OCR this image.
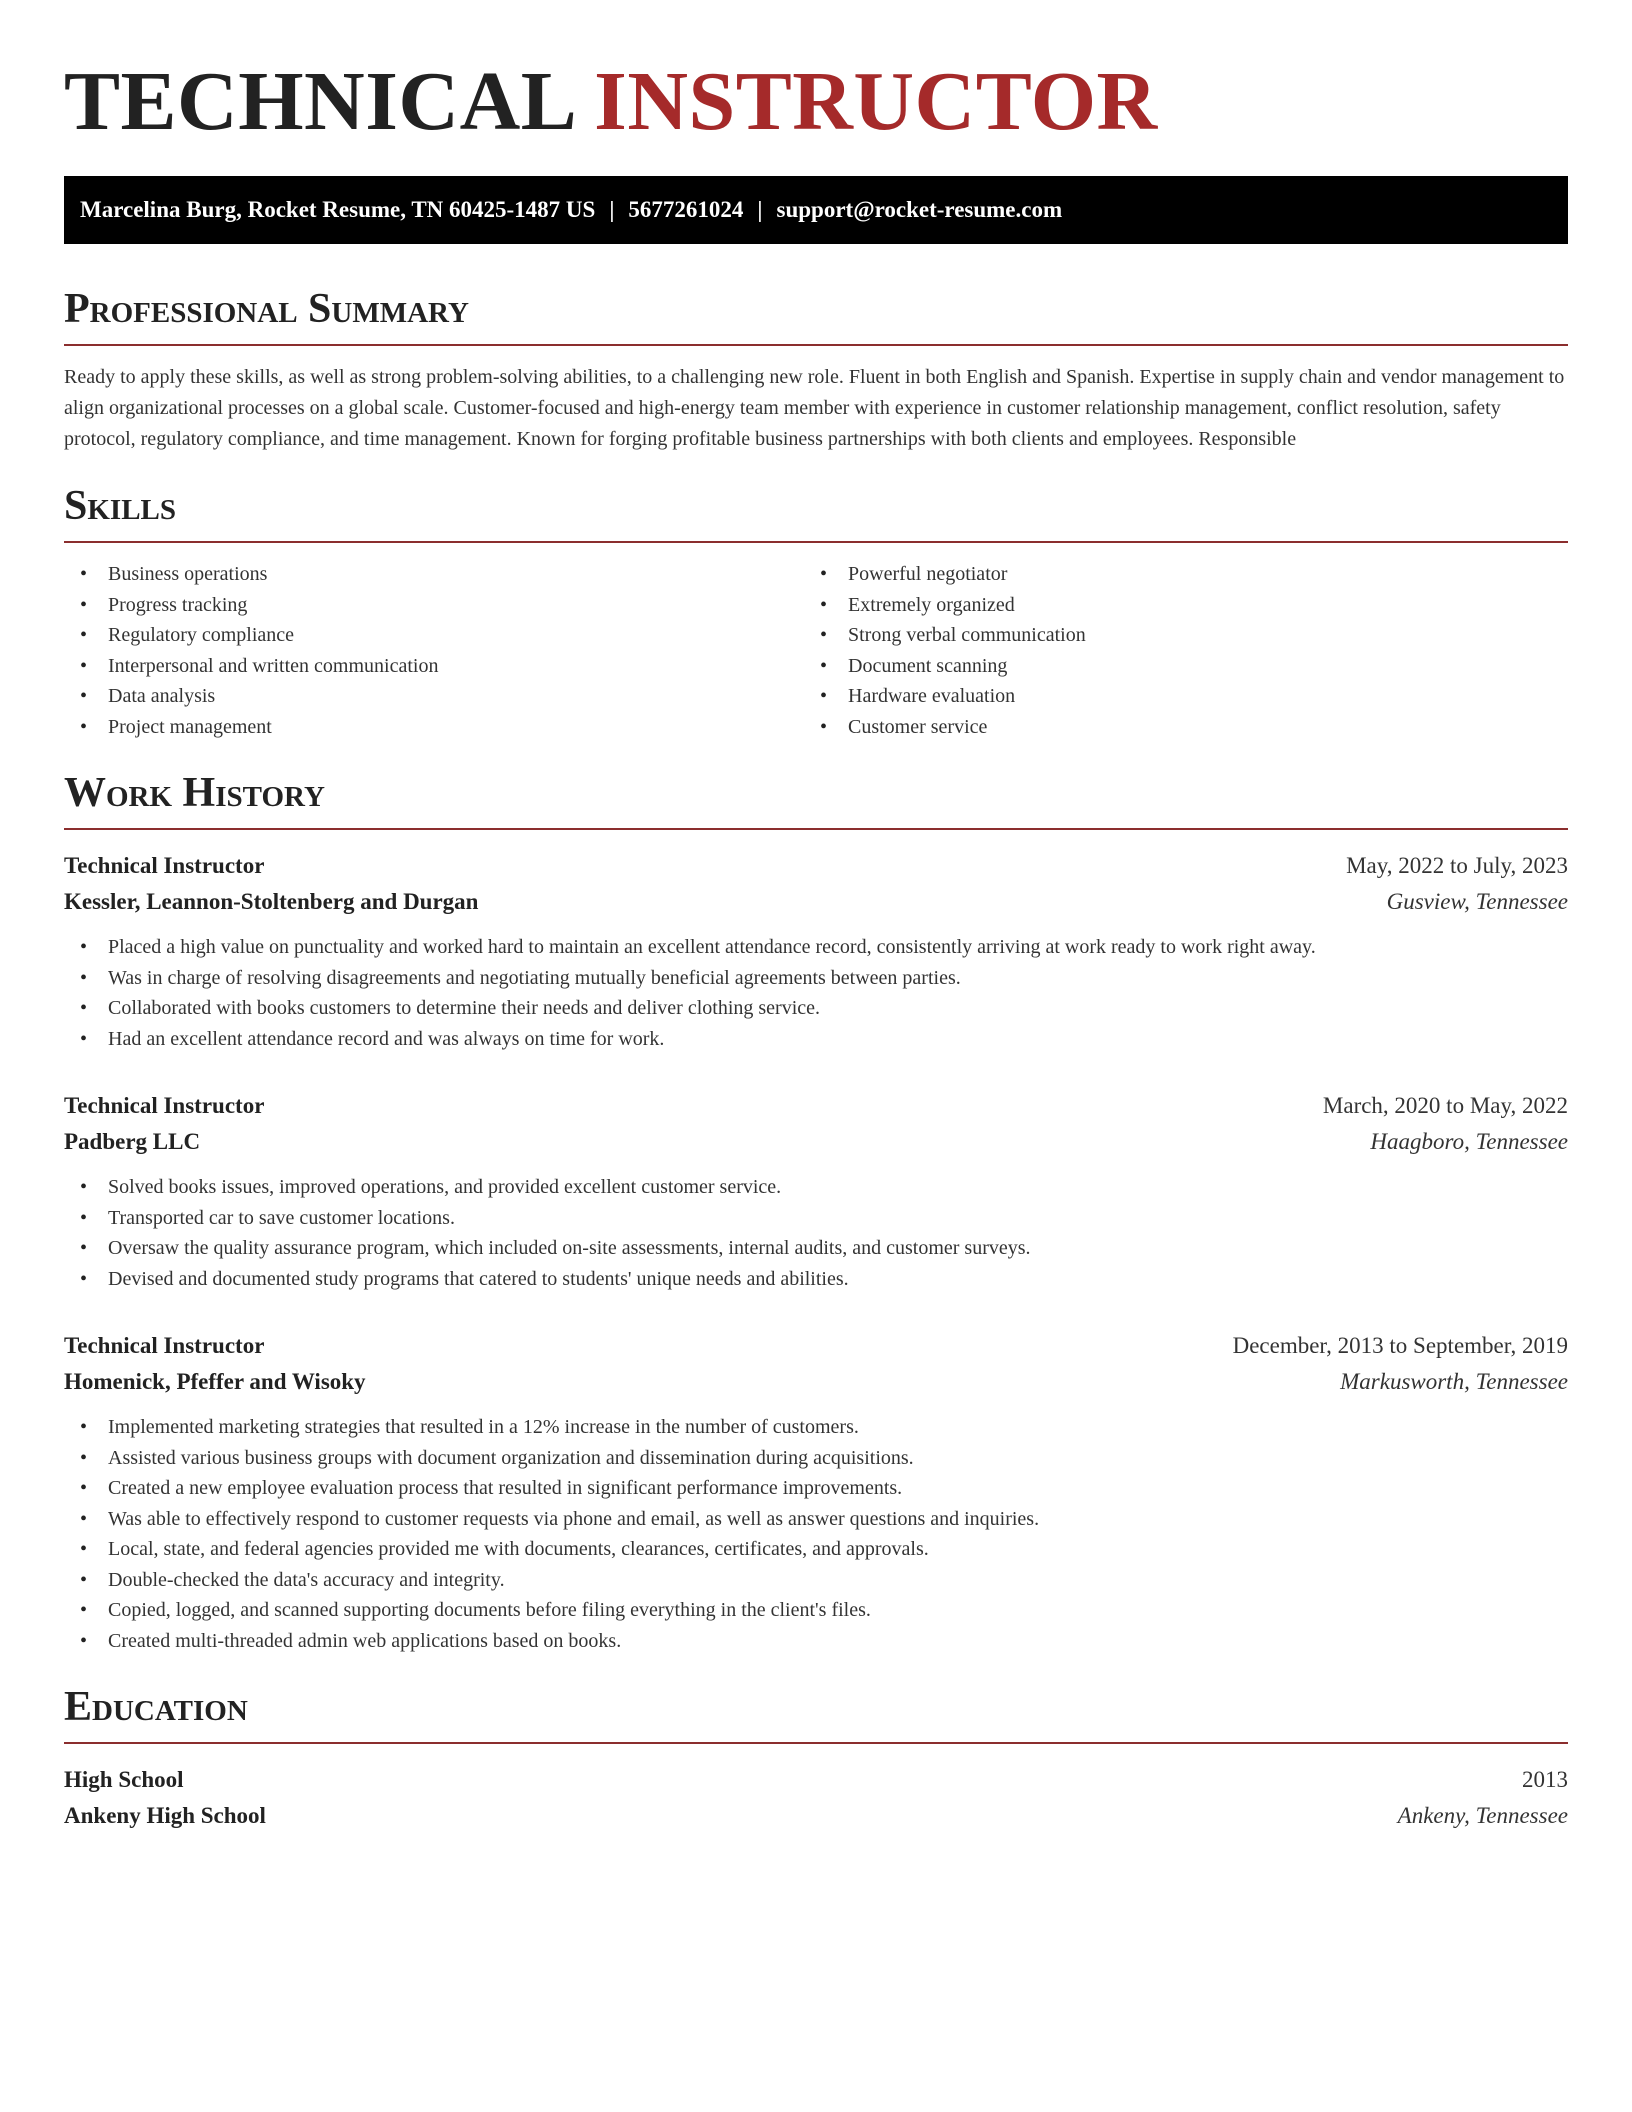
TECHNICAL INSTRUCTOR
Marcelina Burg, Rocket Resume, TN 60425-1487 US | 5677261024 | support@rocket-resume.com
Professional Summary

Ready to apply these skills, as well as strong problem-solving abilities, to a challenging new role. Fluent in both English and Spanish. Expertise in supply chain and vendor management to align organizational processes on a global scale. Customer-focused and high-energy team member with experience in customer relationship management, conflict resolution, safety protocol, regulatory compliance, and time management. Known for forging profitable business partnerships with both clients and employees. Responsible

Skills
• Business operations
• Progress tracking
• Regulatory compliance
• Interpersonal and written communication
• Data analysis
• Project management
• Powerful negotiator
• Extremely organized
• Strong verbal communication
• Document scanning
• Hardware evaluation
• Customer service
Work History
Technical Instructor	May, 2022 to July, 2023
Kessler, Leannon-Stoltenberg and Durgan	Gusview, Tennessee
• Placed a high value on punctuality and worked hard to maintain an excellent attendance record, consistently arriving at work ready to work right away.
• Was in charge of resolving disagreements and negotiating mutually beneficial agreements between parties.
• Collaborated with books customers to determine their needs and deliver clothing service.
• Had an excellent attendance record and was always on time for work.
Technical Instructor	March, 2020 to May, 2022
Padberg LLC	Haagboro, Tennessee
• Solved books issues, improved operations, and provided excellent customer service.
• Transported car to save customer locations.
• Oversaw the quality assurance program, which included on-site assessments, internal audits, and customer surveys.
• Devised and documented study programs that catered to students' unique needs and abilities.
Technical Instructor	December, 2013 to September, 2019
Homenick, Pfeffer and Wisoky	Markusworth, Tennessee
• Implemented marketing strategies that resulted in a 12% increase in the number of customers.
• Assisted various business groups with document organization and dissemination during acquisitions.
• Created a new employee evaluation process that resulted in significant performance improvements.
• Was able to effectively respond to customer requests via phone and email, as well as answer questions and inquiries.
• Local, state, and federal agencies provided me with documents, clearances, certificates, and approvals.
• Double-checked the data's accuracy and integrity.
• Copied, logged, and scanned supporting documents before filing everything in the client's files.
• Created multi-threaded admin web applications based on books.
Education
High School	2013
Ankeny High School	Ankeny, Tennessee
